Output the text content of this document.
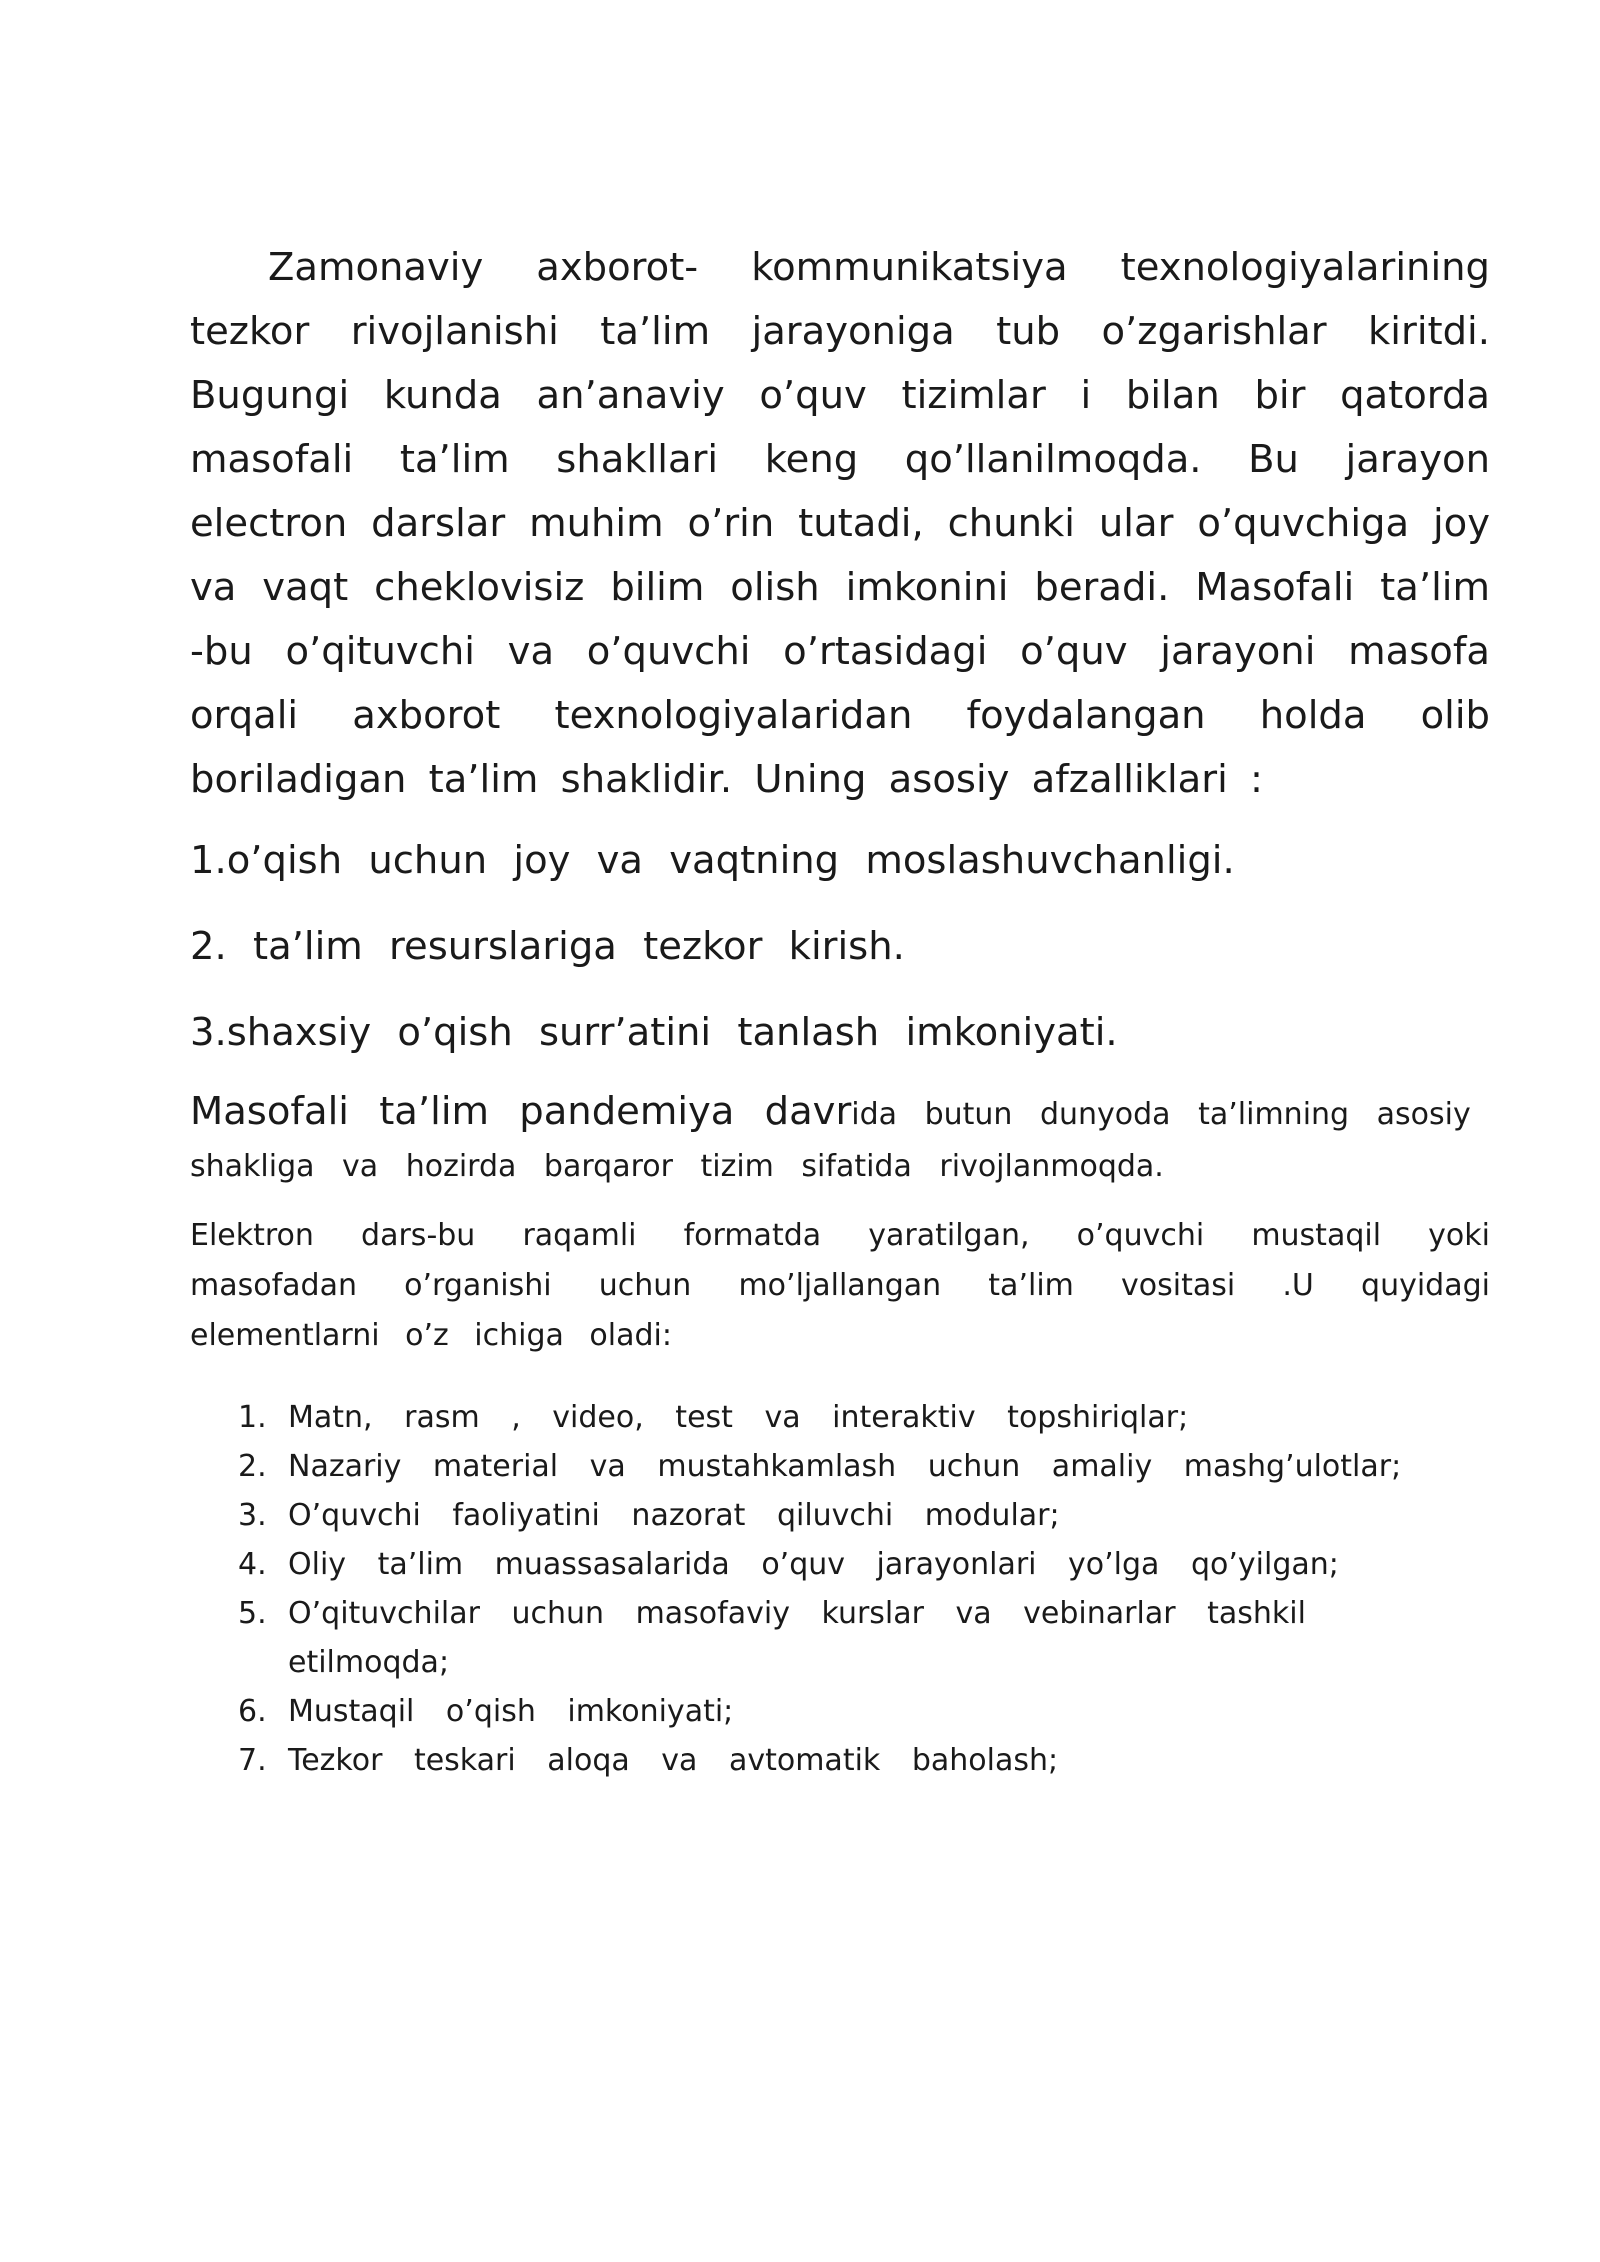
Zamonaviy axborot- kommunikatsiya texnologiyalarining tezkor rivojlanishi ta’lim jarayoniga tub o’zgarishlar kiritdi. Bugungi kunda an’anaviy o’quv tizimlar i bilan bir qatorda masofali ta’lim shakllari keng qo’llanilmoqda. Bu jarayon electron darslar muhim o’rin tutadi, chunki ular o’quvchiga joy va vaqt cheklovisiz bilim olish imkonini beradi. Masofali ta’lim -bu o’qituvchi va o’quvchi o’rtasidagi o’quv jarayoni masofa orqali axborot texnologiyalaridan foydalangan holda olib boriladigan ta’lim shaklidir. Uning asosiy afzalliklari :

1.o’qish uchun joy va vaqtning moslashuvchanligi.

2. ta’lim resurslariga tezkor kirish.

3.shaxsiy o’qish surr’atini tanlash imkoniyati.

Masofali ta’lim pandemiya davrida butun dunyoda ta’limning asosiy shakliga va hozirda barqaror tizim sifatida rivojlanmoqda.

Elektron dars-bu raqamli formatda yaratilgan, o’quvchi mustaqil yoki masofadan o’rganishi uchun mo’ljallangan ta’lim vositasi .U quyidagi elementlarni o’z ichiga oladi:

1. Matn, rasm , video, test va interaktiv topshiriqlar;
2. Nazariy material va mustahkamlash uchun amaliy mashg’ulotlar;
3. O’quvchi faoliyatini nazorat qiluvchi modular;
4. Oliy ta’lim muassasalarida o’quv jarayonlari yo’lga qo’yilgan;
5. O’qituvchilar uchun masofaviy kurslar va vebinarlar tashkil etilmoqda;
6. Mustaqil o’qish imkoniyati;
7. Tezkor teskari aloqa va avtomatik baholash;
